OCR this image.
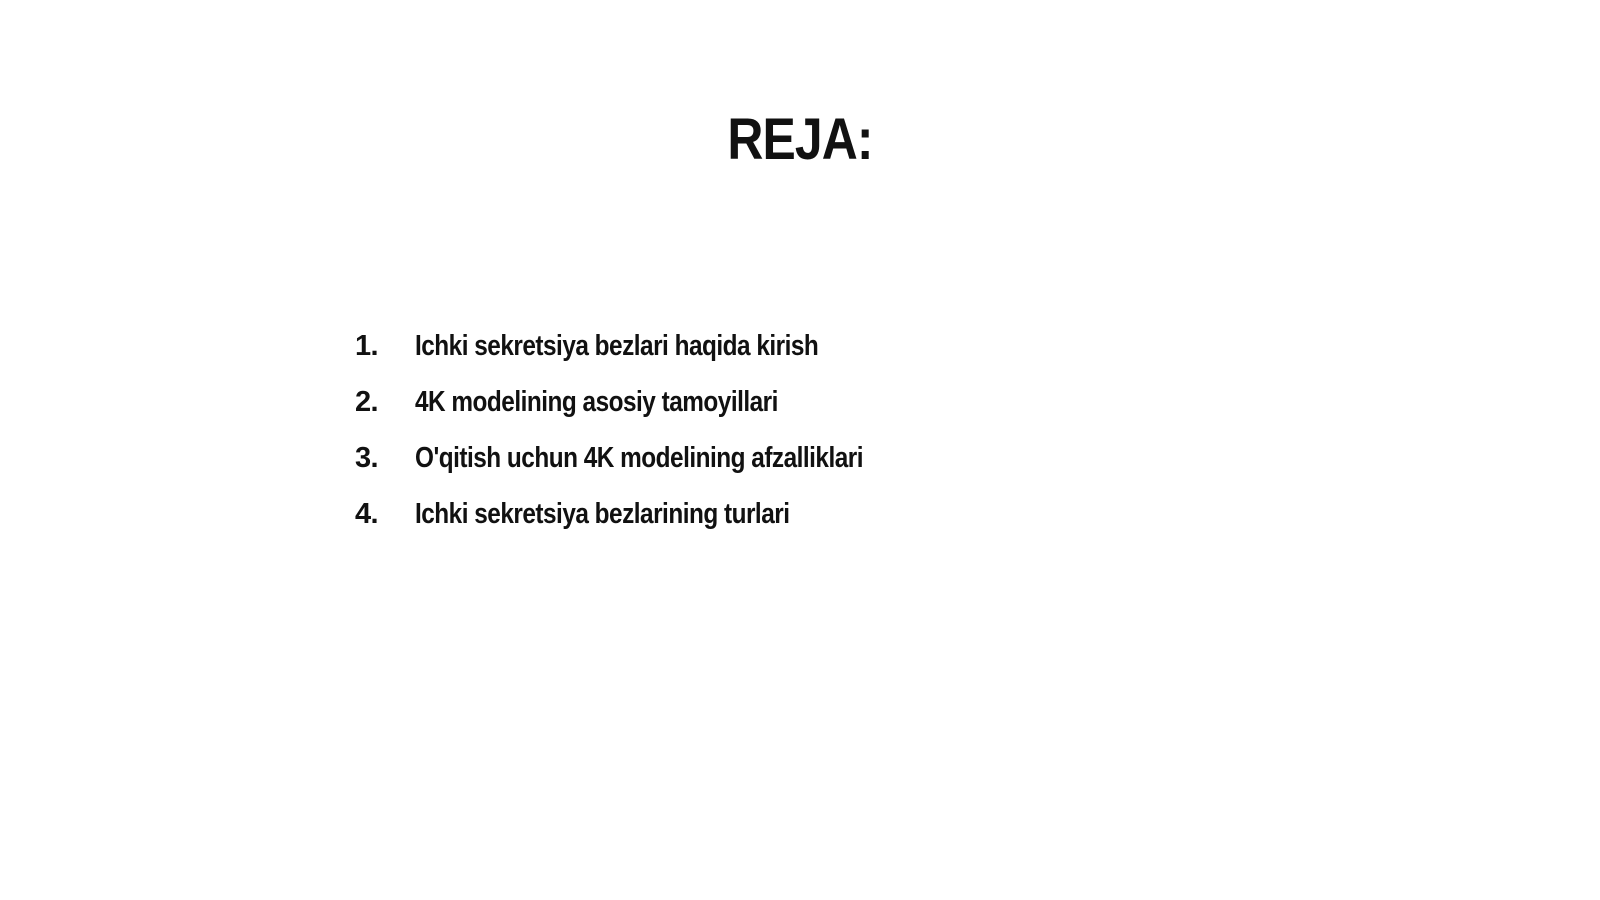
REJA:
1.	Ichki sekretsiya bezlari haqida kirish
2.	4K modelining asosiy tamoyillari
3.	O'qitish uchun 4K modelining afzalliklari
4.	Ichki sekretsiya bezlarining turlari
